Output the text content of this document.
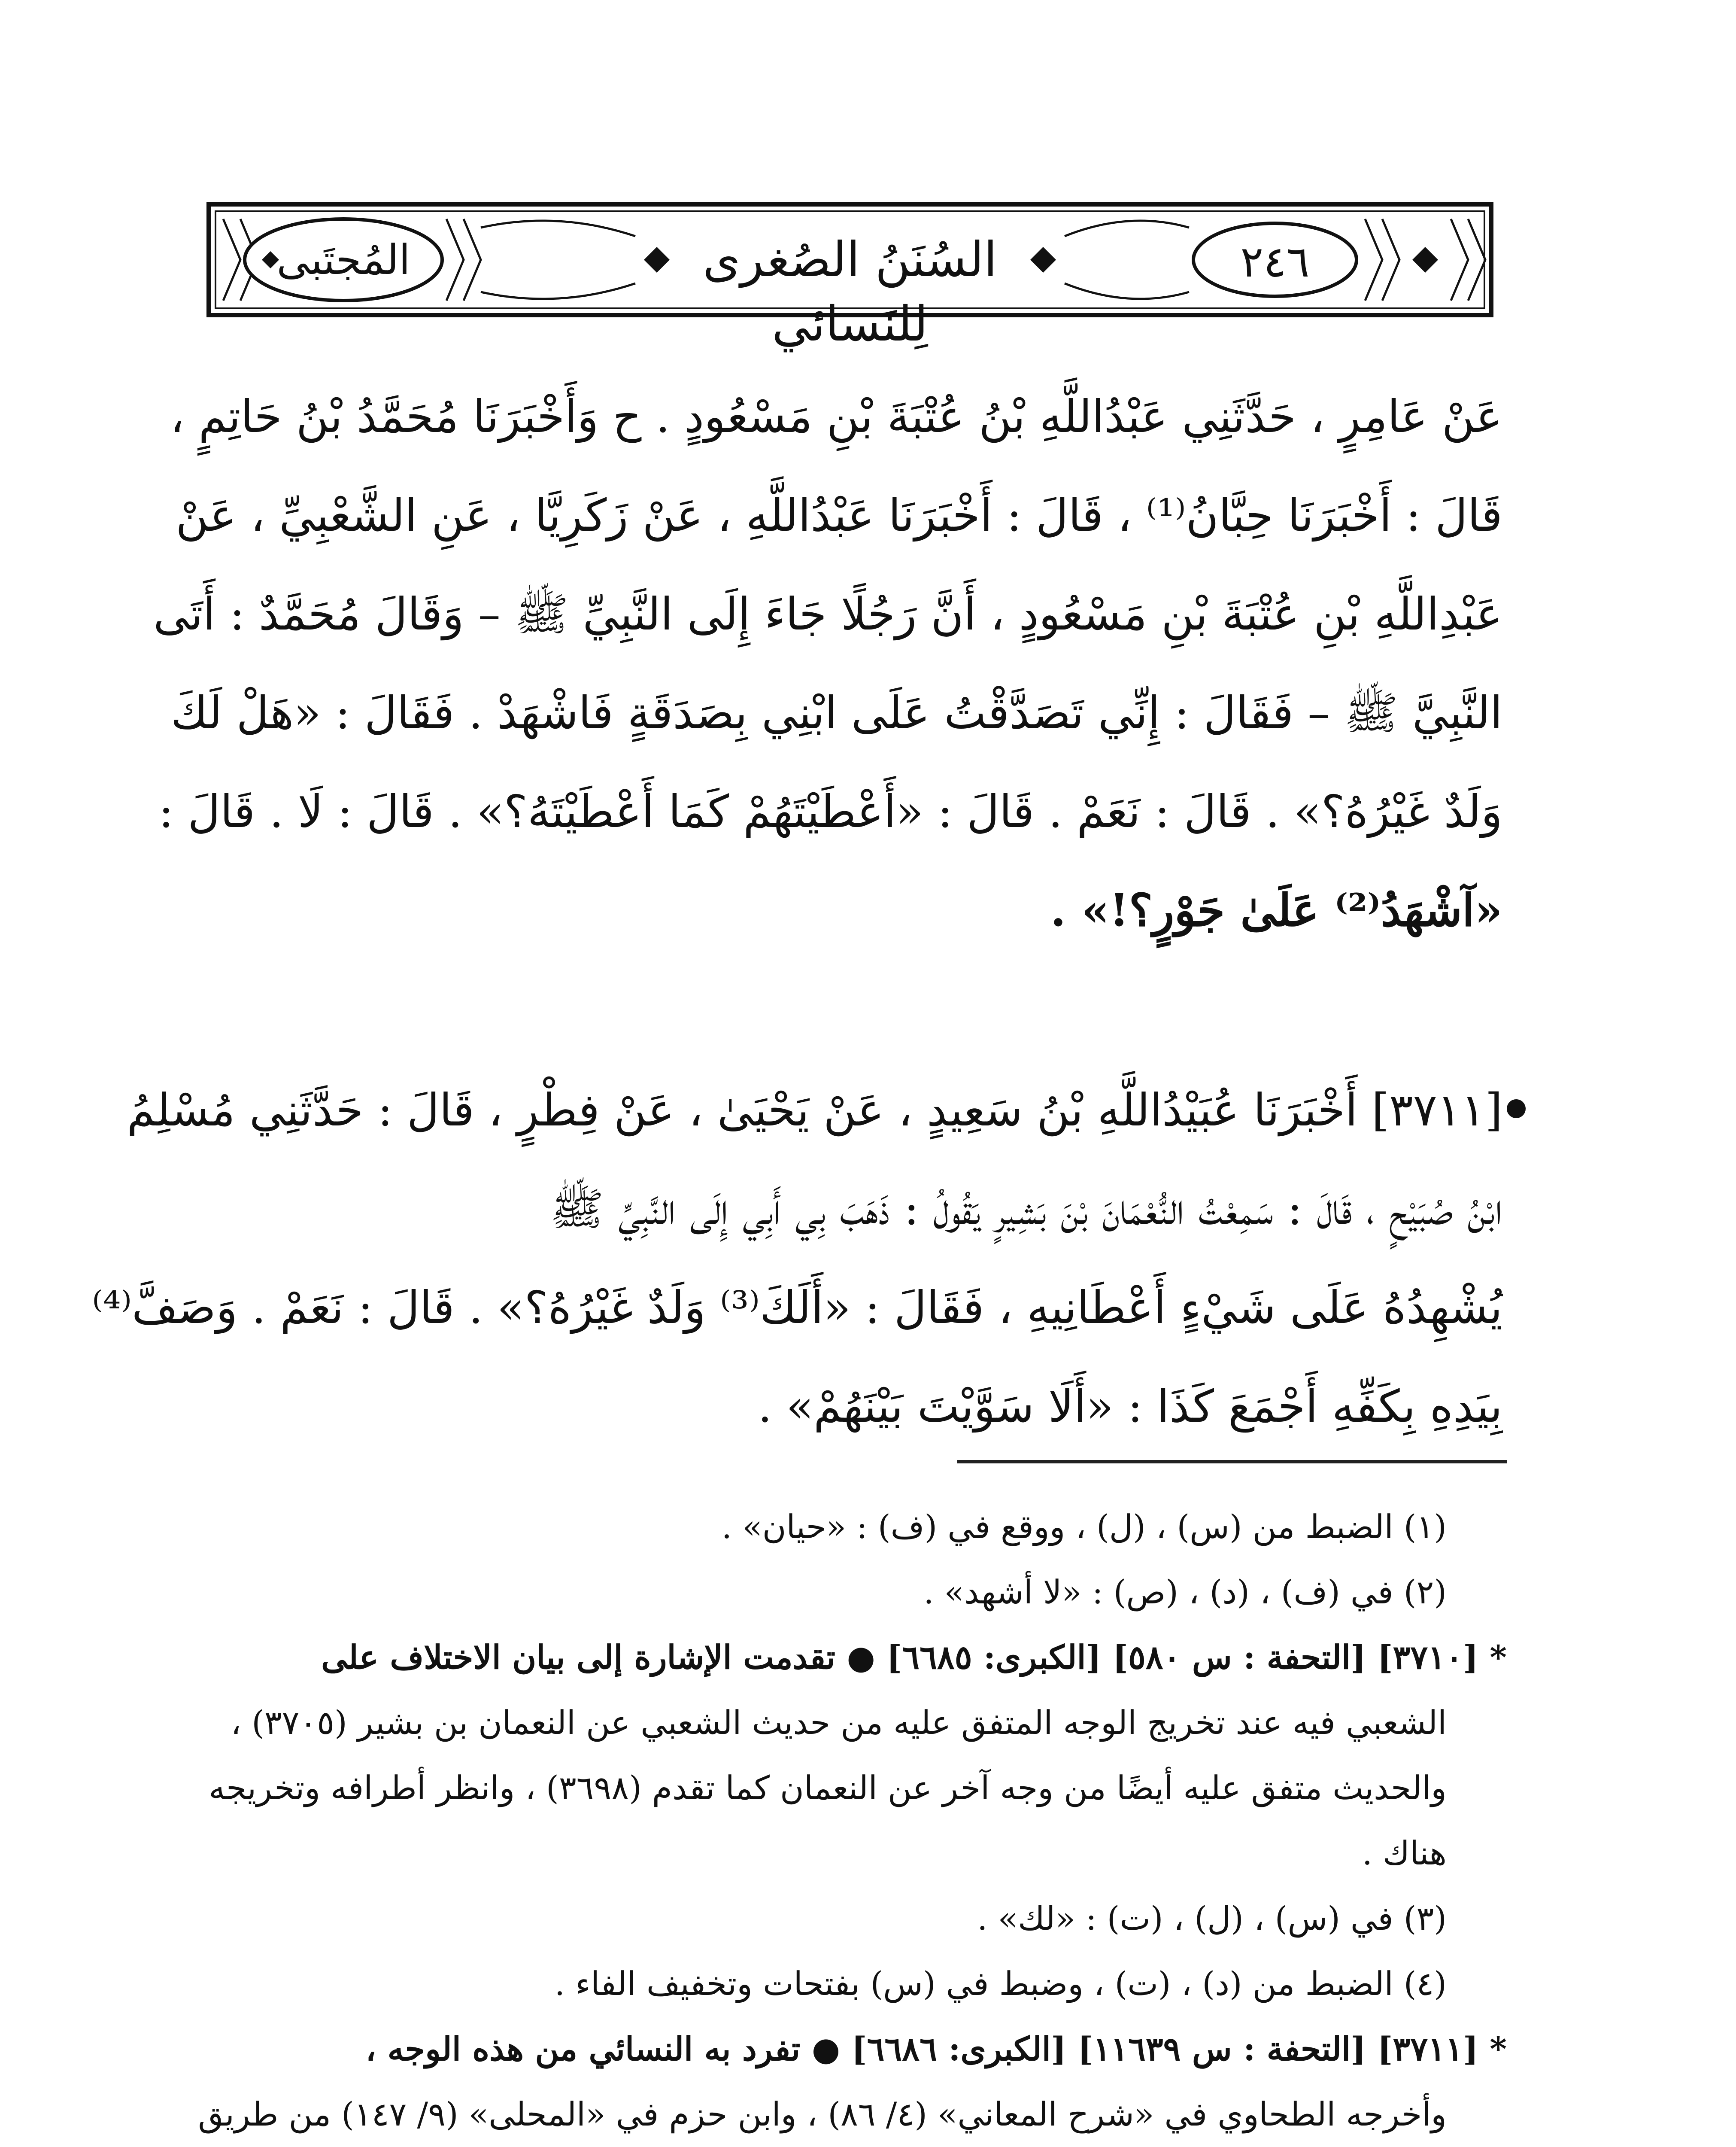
المُجتَبى	السُنَنُ الصُغرى لِلنَسائي
٢٤٦
عَنْ عَامِرٍ ، حَدَّثَنِي عَبْدُاللَّهِ بْنُ عُتْبَةَ بْنِ مَسْعُودٍ . ح وَأَخْبَرَنَا مُحَمَّدُ بْنُ حَاتِمٍ ،
قَالَ : أَخْبَرَنَا حِبَّانُ⁽¹⁾ ، قَالَ : أَخْبَرَنَا عَبْدُاللَّهِ ، عَنْ زَكَرِيَّا ، عَنِ الشَّعْبِيِّ ، عَنْ
عَبْدِاللَّهِ بْنِ عُتْبَةَ بْنِ مَسْعُودٍ ، أَنَّ رَجُلًا جَاءَ إِلَى النَّبِيِّ ﷺ – وَقَالَ مُحَمَّدٌ : أَتَى
النَّبِيَّ ﷺ – فَقَالَ : إِنِّي تَصَدَّقْتُ عَلَى ابْنِي بِصَدَقَةٍ فَاشْهَدْ . فَقَالَ : «هَلْ لَكَ
وَلَدٌ غَيْرُهُ؟» . قَالَ : نَعَمْ . قَالَ : «أَعْطَيْتَهُمْ كَمَا أَعْطَيْتَهُ؟» . قَالَ : لَا . قَالَ :
«آشْهَدُ⁽²⁾ عَلَىٰ جَوْرٍ؟!» .
[٣٧١١] أَخْبَرَنَا عُبَيْدُاللَّهِ بْنُ سَعِيدٍ ، عَنْ يَحْيَىٰ ، عَنْ فِطْرٍ ، قَالَ : حَدَّثَنِي مُسْلِمُ
ابْنُ صُبَيْحٍ ، قَالَ : سَمِعْتُ النُّعْمَانَ بْنَ بَشِيرٍ يَقُولُ : ذَهَبَ بِي أَبِي إِلَى النَّبِيِّ ﷺ
يُشْهِدُهُ عَلَى شَيْءٍ أَعْطَانِيهِ ، فَقَالَ : «أَلَكَ⁽³⁾ وَلَدٌ غَيْرُهُ؟» . قَالَ : نَعَمْ . وَصَفَّ⁽⁴⁾
بِيَدِهِ بِكَفِّهِ أَجْمَعَ كَذَا : «أَلَا سَوَّيْتَ بَيْنَهُمْ» .
(١) الضبط من (س) ، (ل) ، ووقع في (ف) : «حيان» .
(٢) في (ف) ، (د) ، (ص) : «لا أشهد» .
* [٣٧١٠] [التحفة : س ٥٨٠] [الكبرى: ٦٦٨٥] ● تقدمت الإشارة إلى بيان الاختلاف على
الشعبي فيه عند تخريج الوجه المتفق عليه من حديث الشعبي عن النعمان بن بشير (٣٧٠٥) ،
والحديث متفق عليه أيضًا من وجه آخر عن النعمان كما تقدم (٣٦٩٨) ، وانظر أطرافه وتخريجه
هناك .
(٣) في (س) ، (ل) ، (ت) : «لك» .
(٤) الضبط من (د) ، (ت) ، وضبط في (س) بفتحات وتخفيف الفاء .
* [٣٧١١] [التحفة : س ١١٦٣٩] [الكبرى: ٦٦٨٦] ● تفرد به النسائي من هذه الوجه ،
وأخرجه الطحاوي في «شرح المعاني» (٤/ ٨٦) ، وابن حزم في «المحلى» (٩/ ١٤٧) من طريق
